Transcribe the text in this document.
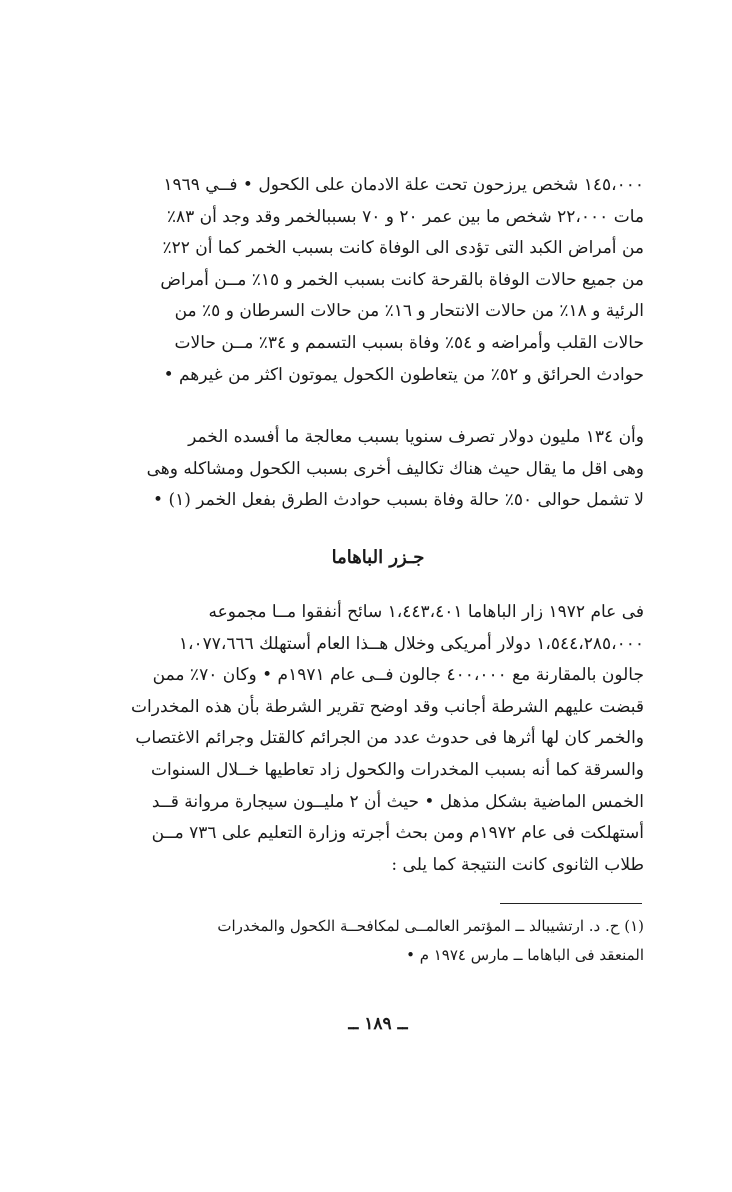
١٤٥،٠٠٠ شخص يرزحون تحت علة الادمان على الكحول • فــي ١٩٦٩
مات ٢٢،٠٠٠ شخص ما بين عمر ٢٠ و ٧٠ بسببالخمر وقد وجد أن ٨٣٪
من أمراض الكبد التى تؤدى الى الوفاة كانت بسبب الخمر كما أن ٢٢٪
من جميع حالات الوفاة بالقرحة كانت بسبب الخمر و ١٥٪ مــن أمراض
الرئية و ١٨٪ من حالات الانتحار و ١٦٪ من حالات السرطان و ٥٪ من
حالات القلب وأمراضه و ٥٤٪ وفاة بسبب التسمم و ٣٤٪ مــن حالات
حوادث الحرائق و ٥٢٪ من يتعاطون الكحول يموتون اكثر من غيرهم •
وأن ١٣٤ مليون دولار تصرف سنويا بسبب معالجة ما أفسده الخمر
وهى اقل ما يقال حيث هناك تكاليف أخرى بسبب الكحول ومشاكله وهى
لا تشمل حوالى ٥٠٪ حالة وفاة بسبب حوادث الطرق بفعل الخمر (١) •
جـزر الباهاما
فى عام ١٩٧٢ زار الباهاما ١،٤٤٣،٤٠١ سائح أنفقوا مــا مجموعه
١،٥٤٤،٢٨٥،٠٠٠ دولار أمريكى وخلال هــذا العام أستهلك ١،٠٧٧،٦٦٦
جالون بالمقارنة مع ٤٠٠،٠٠٠ جالون فــى عام ١٩٧١م • وكان ٧٠٪ ممن
قبضت عليهم الشرطة أجانب وقد اوضح تقرير الشرطة بأن هذه المخدرات
والخمر كان لها أثرها فى حدوث عدد من الجرائم كالقتل وجرائم الاغتصاب
والسرقة كما أنه بسبب المخدرات والكحول زاد تعاطيها خــلال السنوات
الخمس الماضية بشكل مذهل • حيث أن ٢ مليــون سيجارة مروانة قــد
أستهلكت فى عام ١٩٧٢م ومن بحث أجرته وزارة التعليم على ٧٣٦ مــن
طلاب الثانوى كانت النتيجة كما يلى :
(١) ح. د. ارتشيبالد ــ المؤتمر العالمــى لمكافحــة الكحول والمخدرات
المنعقد فى الباهاما ــ مارس ١٩٧٤ م •
ــ ١٨٩ ــ
